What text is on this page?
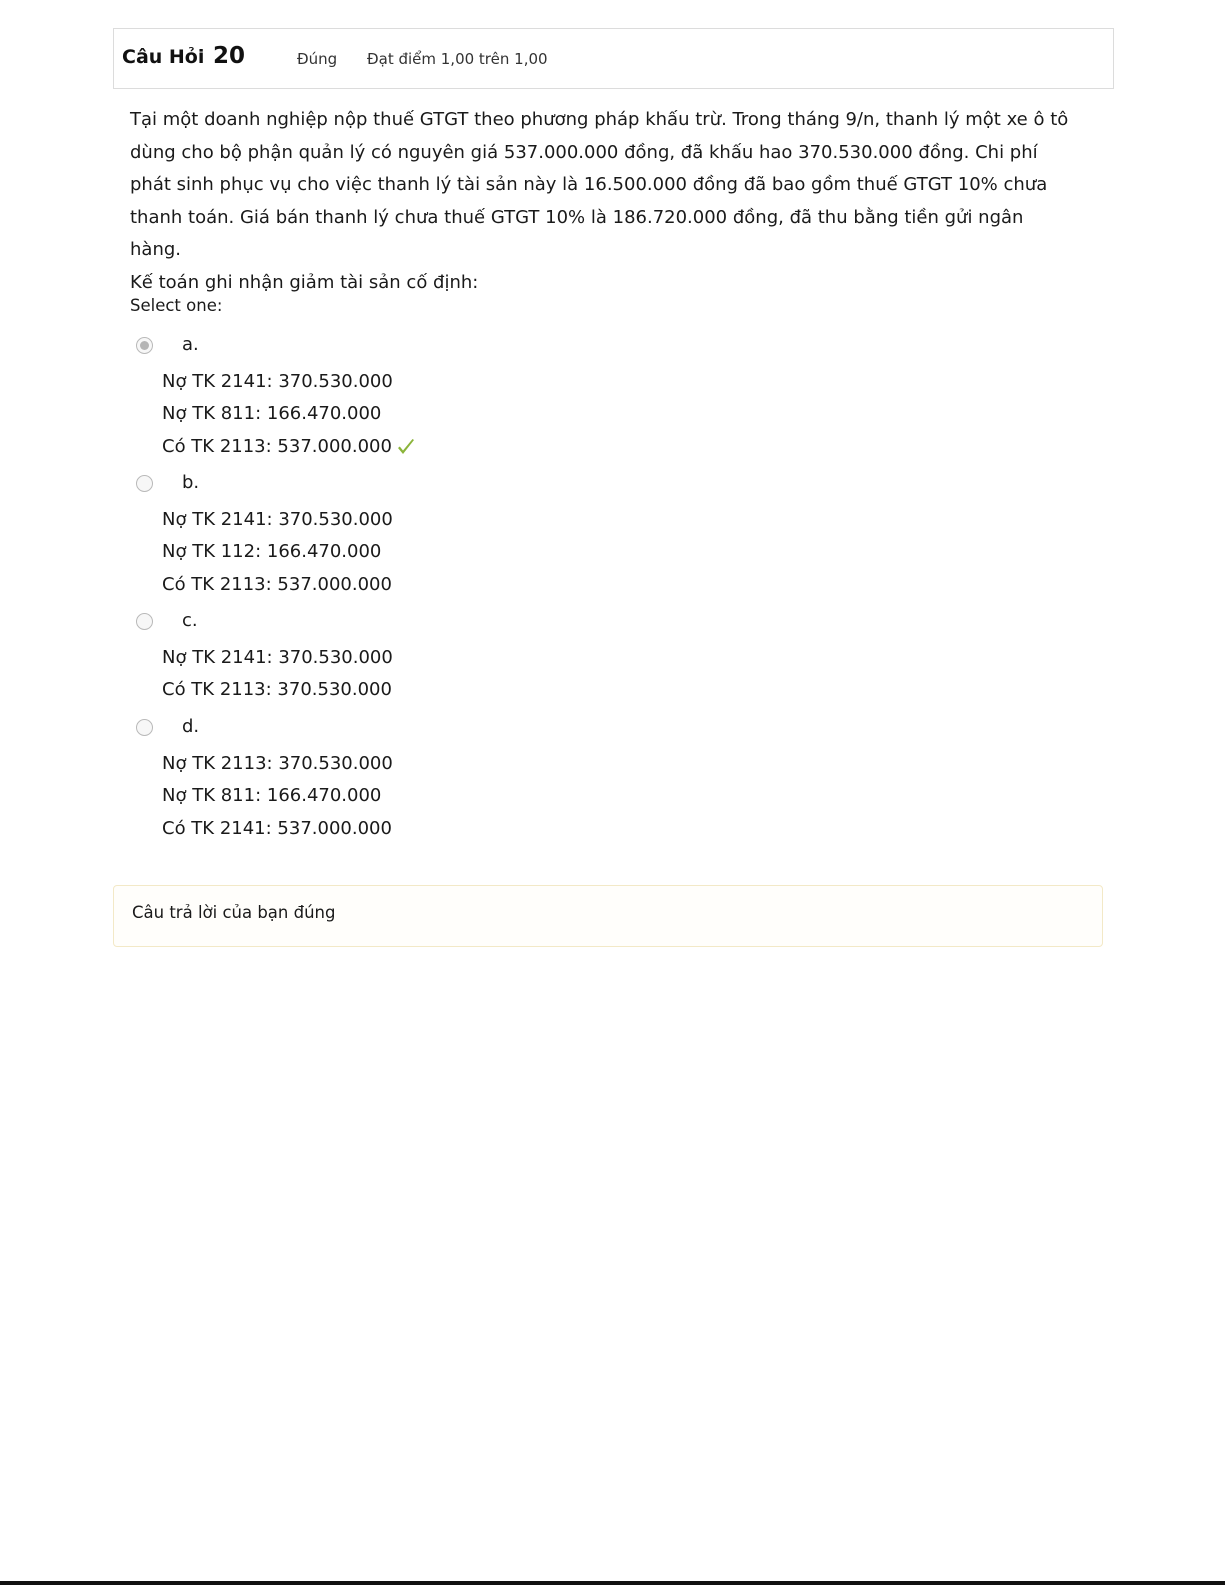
Câu Hỏi 20	Đúng Đạt điểm 1,00 trên 1,00

Tại một doanh nghiệp nộp thuế GTGT theo phương pháp khấu trừ. Trong tháng 9/n, thanh lý một xe ô tô dùng cho bộ phận quản lý có nguyên giá 537.000.000 đồng, đã khấu hao 370.530.000 đồng. Chi phí phát sinh phục vụ cho việc thanh lý tài sản này là 16.500.000 đồng đã bao gồm thuế GTGT 10% chưa thanh toán. Giá bán thanh lý chưa thuế GTGT 10% là 186.720.000 đồng, đã thu bằng tiền gửi ngân hàng.

Kế toán ghi nhận giảm tài sản cố định:

Select one:
a.
Nợ TK 2141: 370.530.000
Nợ TK 811: 166.470.000
Có TK 2113: 537.000.000
b.
Nợ TK 2141: 370.530.000
Nợ TK 112: 166.470.000
Có TK 2113: 537.000.000
c.
Nợ TK 2141: 370.530.000
Có TK 2113: 370.530.000
d.
Nợ TK 2113: 370.530.000
Nợ TK 811: 166.470.000
Có TK 2141: 537.000.000
Câu trả lời của bạn đúng
